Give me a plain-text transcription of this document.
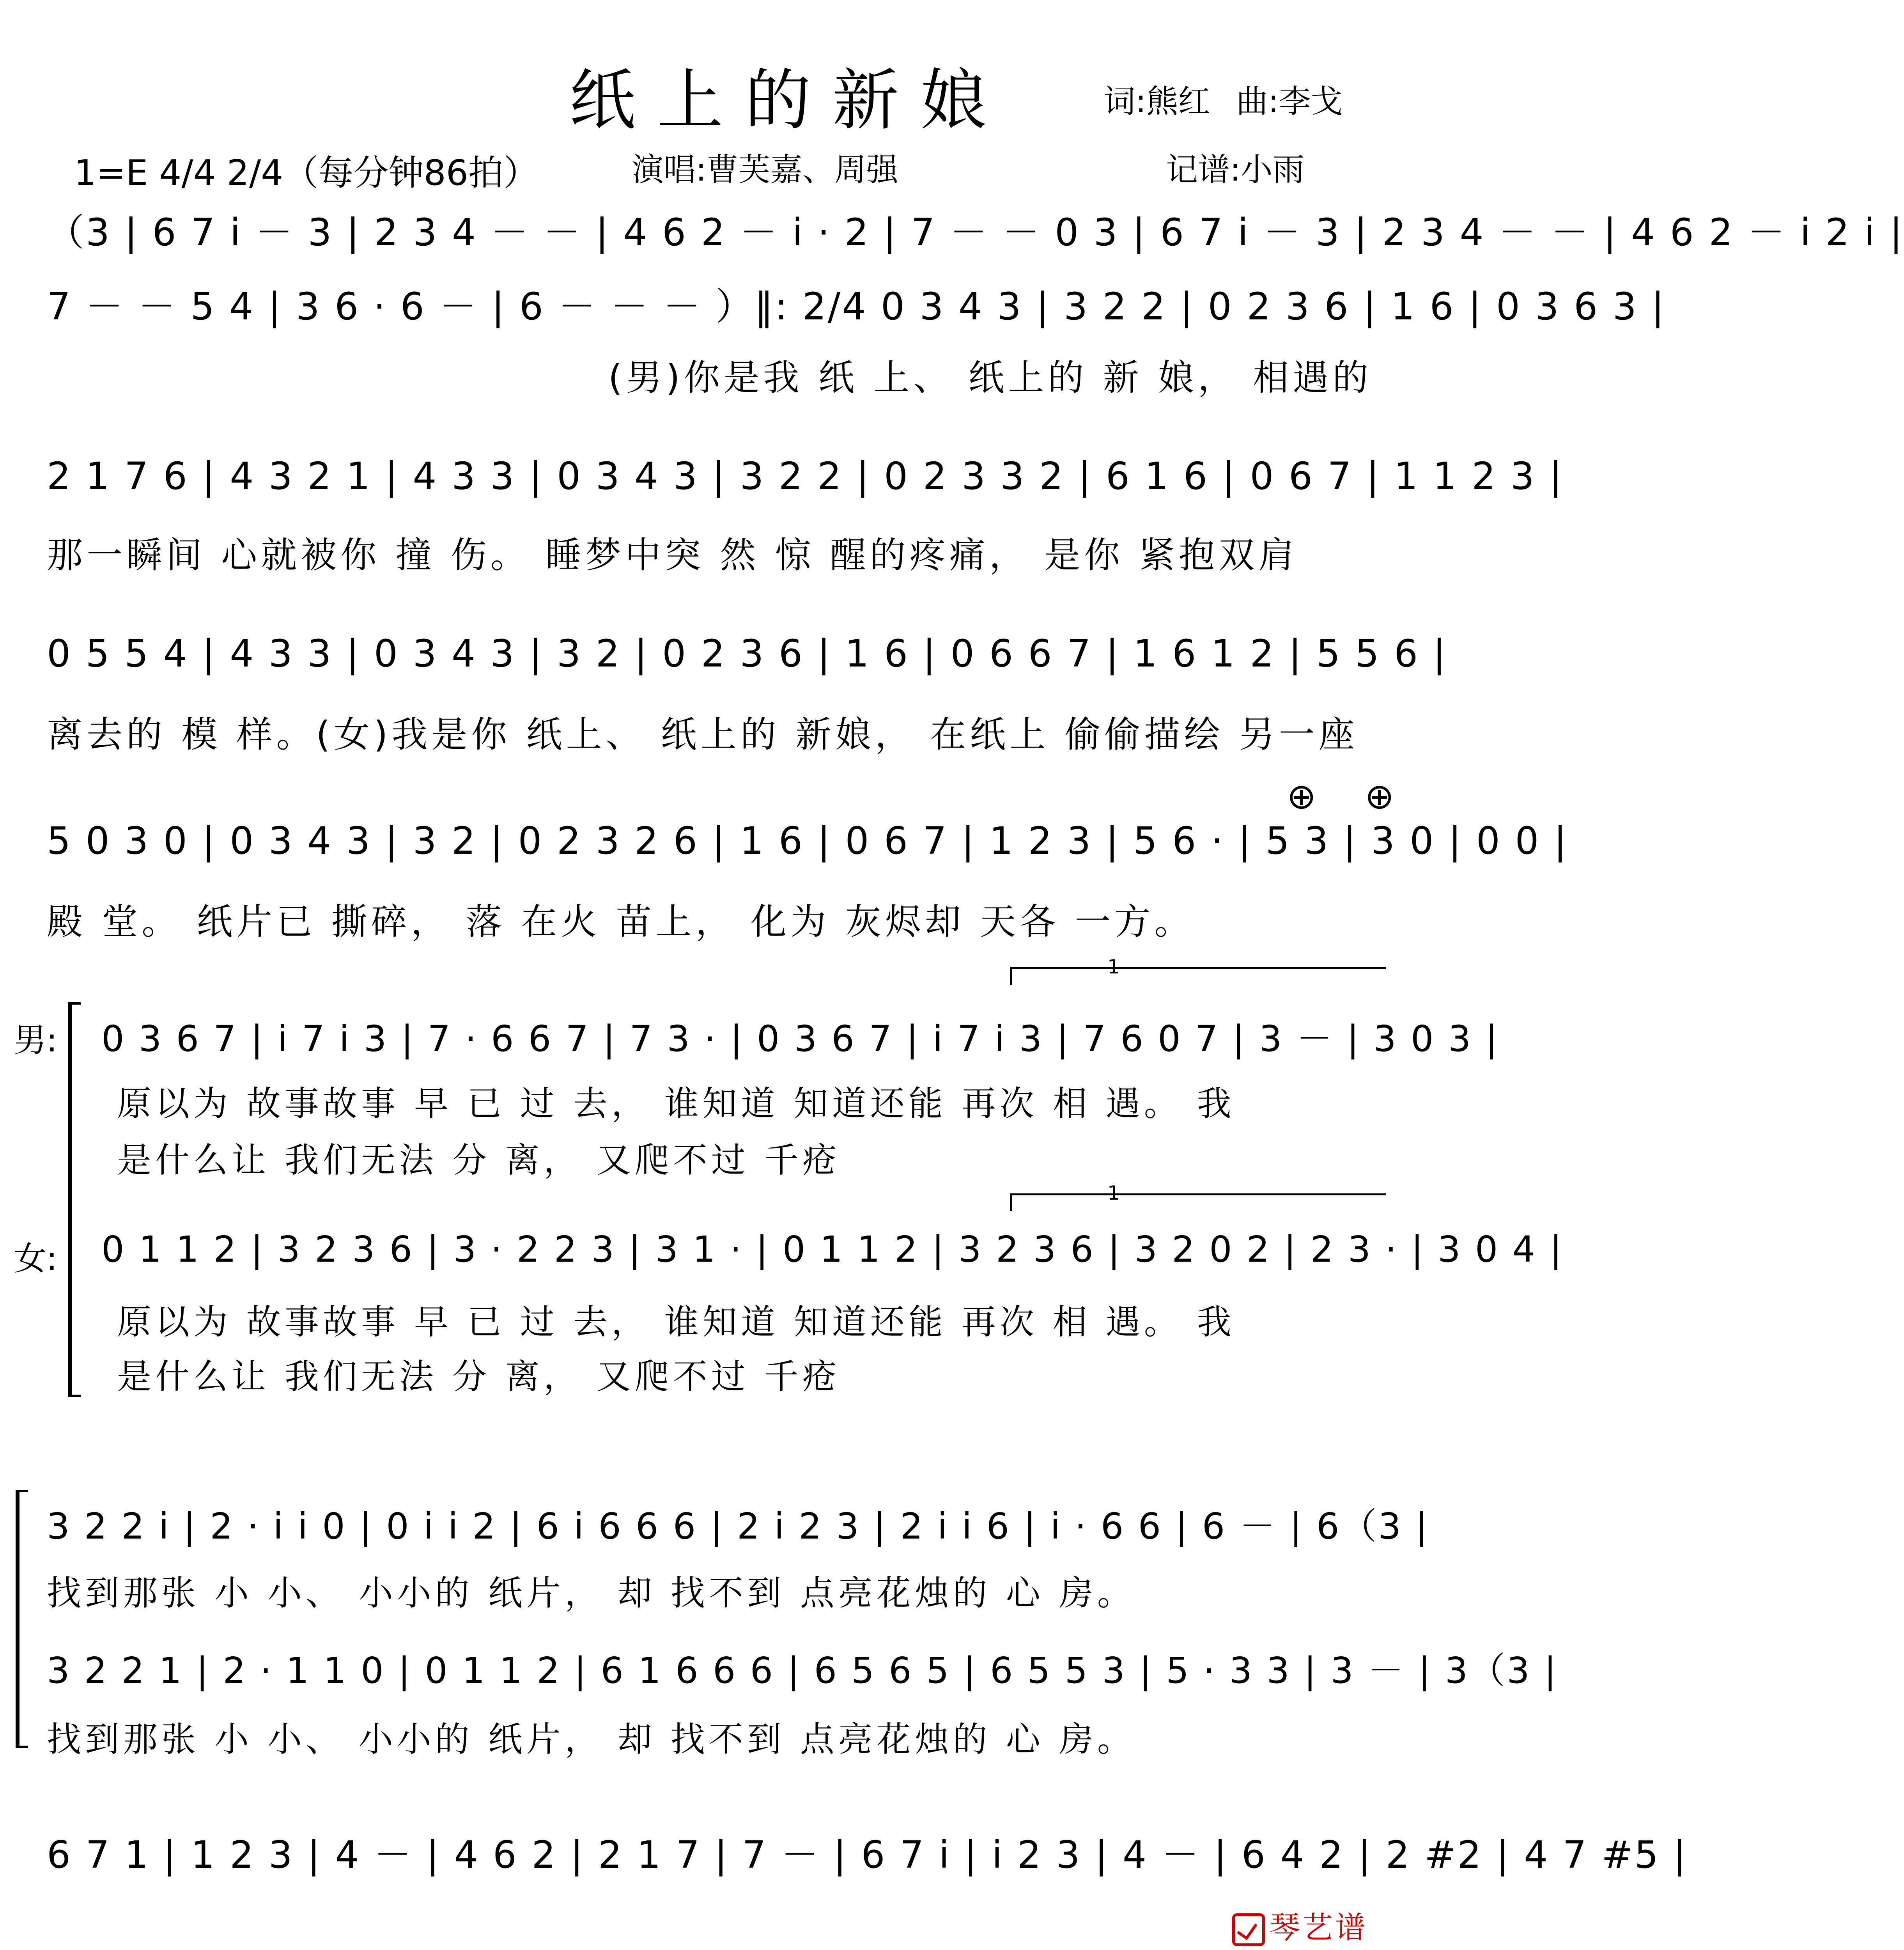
纸上的新娘	词:熊红 曲:李戈
1=E 4/4 2/4（每分钟86拍）	演唱:曹芙嘉、周强	记谱:小雨
（3 | 6 7 i － 3 | 2 3 4 － － | 4 6 2 － i · 2 | 7 － － 0 3 | 6 7 i － 3 | 2 3 4 － － | 4 6 2 － i 2 i |
7 － － 5 4 | 3 6 · 6 － | 6 － － － ）‖: 2/4 0 3 4 3 | 3 2 2 | 0 2 3 6 | 1 6 | 0 3 6 3 |
(男)你是我 纸 上、 纸上的 新 娘， 相遇的
2 1 7 6 | 4 3 2 1 | 4 3 3 | 0 3 4 3 | 3 2 2 | 0 2 3 3 2 | 6 1 6 | 0 6 7 | 1 1 2 3 |
那一瞬间 心就被你 撞 伤。 睡梦中突 然 惊 醒的疼痛， 是你 紧抱双肩
0 5 5 4 | 4 3 3 | 0 3 4 3 | 3 2 | 0 2 3 6 | 1 6 | 0 6 6 7 | 1 6 1 2 | 5 5 6 |
离去的 模 样。(女)我是你 纸上、 纸上的 新娘， 在纸上 偷偷描绘 另一座
5 0 3 0 | 0 3 4 3 | 3 2 | 0 2 3 2 6 | 1 6 | 0 6 7 | 1 2 3 | 5 6 · | 5 3 | 3 0 | 0 0 |
殿 堂。 纸片已 撕碎， 落 在火 苗上， 化为 灰烬却 天各 一方。
⊕ ⊕
男:
1
0 3 6 7 | i 7 i 3 | 7 · 6 6 7 | 7 3 · | 0 3 6 7 | i 7 i 3 | 7 6 0 7 | 3 － | 3 0 3 |
原以为 故事故事 早 已 过 去， 谁知道 知道还能 再次 相 遇。 我
是什么让 我们无法 分 离， 又爬不过 千疮
女:
1
0 1 1 2 | 3 2 3 6 | 3 · 2 2 3 | 3 1 · | 0 1 1 2 | 3 2 3 6 | 3 2 0 2 | 2 3 · | 3 0 4 |
原以为 故事故事 早 已 过 去， 谁知道 知道还能 再次 相 遇。 我
是什么让 我们无法 分 离， 又爬不过 千疮
3 2 2 i | 2 · i i 0 | 0 i i 2 | 6 i 6 6 6 | 2 i 2 3 | 2 i i 6 | i · 6 6 | 6 － | 6（3 |
找到那张 小 小、 小小的 纸片， 却 找不到 点亮花烛的 心 房。
3 2 2 1 | 2 · 1 1 0 | 0 1 1 2 | 6 1 6 6 6 | 6 5 6 5 | 6 5 5 3 | 5 · 3 3 | 3 － | 3（3 |
找到那张 小 小、 小小的 纸片， 却 找不到 点亮花烛的 心 房。
6 7 1 | 1 2 3 | 4 － | 4 6 2 | 2 1 7 | 7 － | 6 7 i | i 2 3 | 4 － | 6 4 2 | 2 #2 | 4 7 #5 |
琴艺谱
